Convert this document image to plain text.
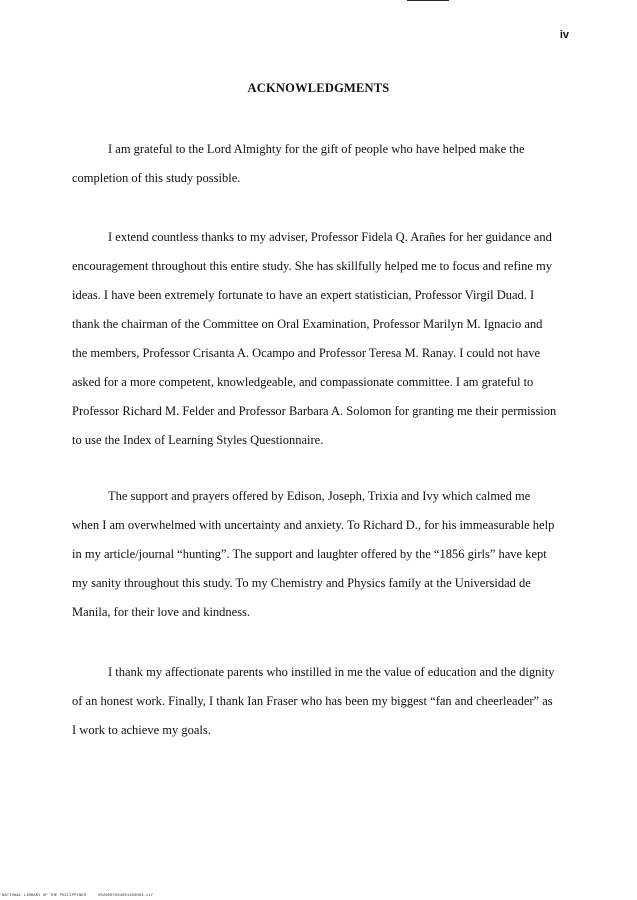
iv
ACKNOWLEDGMENTS

I am grateful to the Lord Almighty for the gift of people who have helped make the
completion of this study possible.

I extend countless thanks to my adviser, Professor Fidela Q. Arañes for her guidance and
encouragement throughout this entire study. She has skillfully helped me to focus and refine my
ideas. I have been extremely fortunate to have an expert statistician, Professor Virgil Duad. I
thank the chairman of the Committee on Oral Examination, Professor Marilyn M. Ignacio and
the members, Professor Crisanta A. Ocampo and Professor Teresa M. Ranay. I could not have
asked for a more competent, knowledgeable, and compassionate committee. I am grateful to
Professor Richard M. Felder and Professor Barbara A. Solomon for granting me their permission
to use the Index of Learning Styles Questionnaire.

The support and prayers offered by Edison, Joseph, Trixia and Ivy which calmed me
when I am overwhelmed with uncertainty and anxiety. To Richard D., for his immeasurable help
in my article/journal “hunting”. The support and laughter offered by the “1856 girls” have kept
my sanity throughout this study. To my Chemistry and Physics family at the Universidad de
Manila, for their love and kindness.

I thank my affectionate parents who instilled in me the value of education and the dignity
of an honest work. Finally, I thank Ian Fraser who has been my biggest “fan and cheerleader” as
I work to achieve my goals.

NATIONAL LIBRARY OF THE PHILIPPINES     0029007504001403004.tif
